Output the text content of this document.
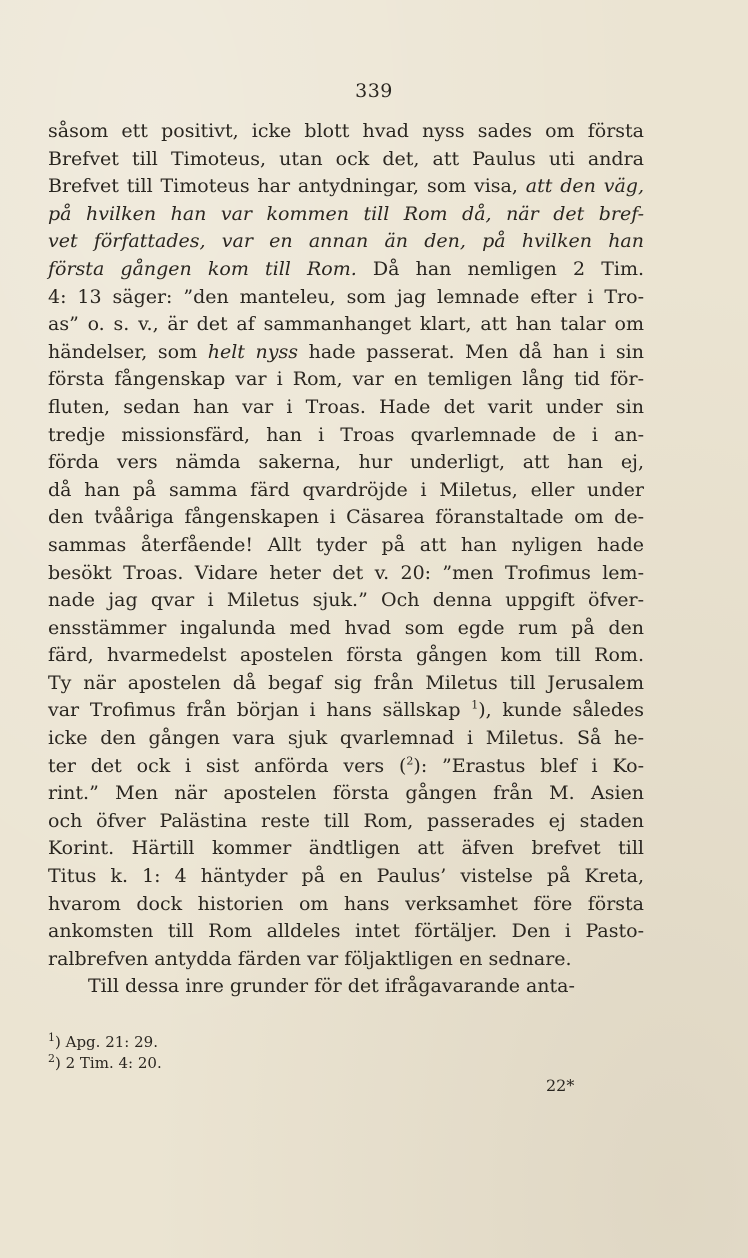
339
såsom ett positivt, icke blott hvad nyss sades om första
Brefvet till Timoteus, utan ock det, att Paulus uti andra
Brefvet till Timoteus har antydningar, som visa, att den väg,
på hvilken han var kommen till Rom då, när det bref-
vet författades, var en annan än den, på hvilken han
första gången kom till Rom. Då han nemligen 2 Tim.
4: 13 säger: ”den manteleu, som jag lemnade efter i Tro-
as” o. s. v., är det af sammanhanget klart, att han talar om
händelser, som helt nyss hade passerat. Men då han i sin
första fångenskap var i Rom, var en temligen lång tid för-
fluten, sedan han var i Troas. Hade det varit under sin
tredje missionsfärd, han i Troas qvarlemnade de i an-
förda vers nämda sakerna, hur underligt, att han ej,
då han på samma färd qvardröjde i Miletus, eller under
den tvååriga fångenskapen i Cäsarea föranstaltade om de-
sammas återfående! Allt tyder på att han nyligen hade
besökt Troas. Vidare heter det v. 20: ”men Trofimus lem-
nade jag qvar i Miletus sjuk.” Och denna uppgift öfver-
ensstämmer ingalunda med hvad som egde rum på den
färd, hvarmedelst apostelen första gången kom till Rom.
Ty när apostelen då begaf sig från Miletus till Jerusalem
var Trofimus från början i hans sällskap $^1$), kunde således
icke den gången vara sjuk qvarlemnad i Miletus. Så he-
ter det ock i sist anförda vers ($^2$): ”Erastus blef i Ko-
rint.” Men när apostelen första gången från M. Asien
och öfver Palästina reste till Rom, passerades ej staden
Korint. Härtill kommer ändtligen att äfven brefvet till
Titus k. 1: 4 häntyder på en Paulus’ vistelse på Kreta,
hvarom dock historien om hans verksamhet före första
ankomsten till Rom alldeles intet förtäljer. Den i Pasto-
ralbrefven antydda färden var följaktligen en sednare.
Till dessa inre grunder för det ifrågavarande anta-
$^1$) Apg. 21: 29.
$^2$) 2 Tim. 4: 20.
22*
